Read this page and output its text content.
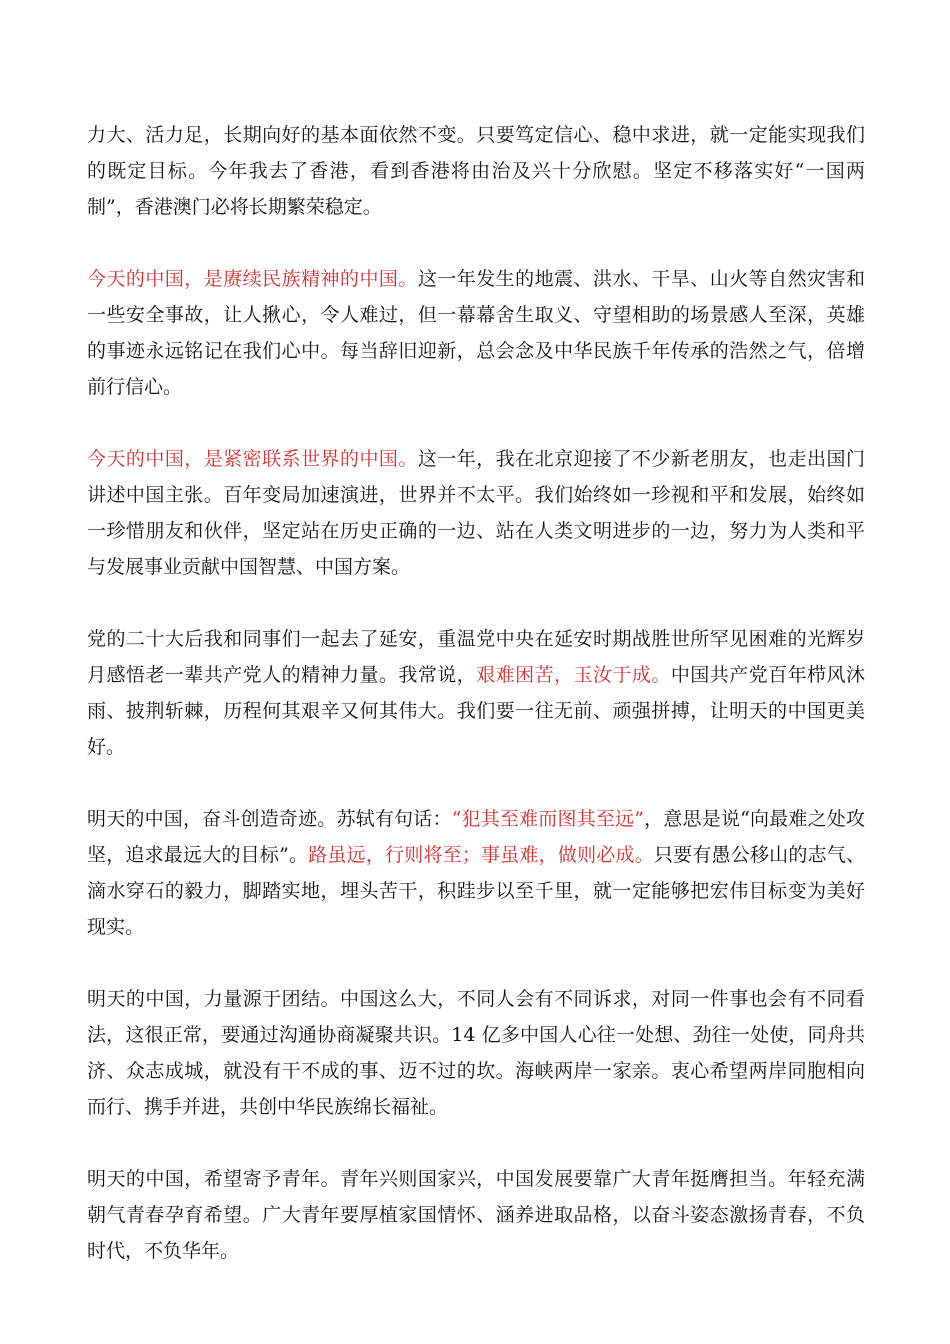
力大、活力足，长期向好的基本面依然不变。只要笃定信心、稳中求进，就一定能实现我们的既定目标。今年我去了香港，看到香港将由治及兴十分欣慰。坚定不移落实好“一国两制”，香港澳门必将长期繁荣稳定。

今天的中国，是赓续民族精神的中国。这一年发生的地震、洪水、干旱、山火等自然灾害和一些安全事故，让人揪心，令人难过，但一幕幕舍生取义、守望相助的场景感人至深，英雄的事迹永远铭记在我们心中。每当辞旧迎新，总会念及中华民族千年传承的浩然之气，倍增前行信心。

今天的中国，是紧密联系世界的中国。这一年，我在北京迎接了不少新老朋友，也走出国门讲述中国主张。百年变局加速演进，世界并不太平。我们始终如一珍视和平和发展，始终如一珍惜朋友和伙伴，坚定站在历史正确的一边、站在人类文明进步的一边，努力为人类和平与发展事业贡献中国智慧、中国方案。

党的二十大后我和同事们一起去了延安，重温党中央在延安时期战胜世所罕见困难的光辉岁月感悟老一辈共产党人的精神力量。我常说，艰难困苦，玉汝于成。中国共产党百年栉风沐雨、披荆斩棘，历程何其艰辛又何其伟大。我们要一往无前、顽强拼搏，让明天的中国更美好。

明天的中国，奋斗创造奇迹。苏轼有句话：“犯其至难而图其至远”，意思是说“向最难之处攻坚，追求最远大的目标”。路虽远，行则将至；事虽难，做则必成。只要有愚公移山的志气、滴水穿石的毅力，脚踏实地，埋头苦干，积跬步以至千里，就一定能够把宏伟目标变为美好现实。

明天的中国，力量源于团结。中国这么大，不同人会有不同诉求，对同一件事也会有不同看法，这很正常，要通过沟通协商凝聚共识。14 亿多中国人心往一处想、劲往一处使，同舟共济、众志成城，就没有干不成的事、迈不过的坎。海峡两岸一家亲。衷心希望两岸同胞相向而行、携手并进，共创中华民族绵长福祉。

明天的中国，希望寄予青年。青年兴则国家兴，中国发展要靠广大青年挺膺担当。年轻充满朝气青春孕育希望。广大青年要厚植家国情怀、涵养进取品格，以奋斗姿态激扬青春，不负时代，不负华年。
